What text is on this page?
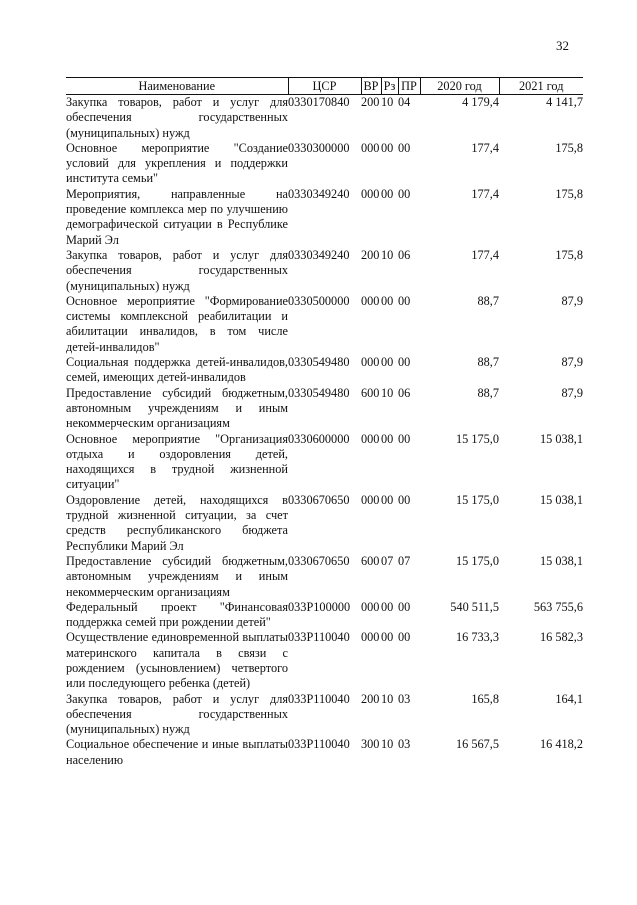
32
Наименование	ЦСР	ВР	Рз	ПР	2020 год	2021 год

Закупка товаров, работ и услуг для обеспечения государственных (муниципальных) нужд	0330170840	200	10	04	4 179,4	4 141,7

Основное мероприятие "Создание условий для укрепления и поддержки института семьи"	0330300000	000	00	00	177,4	175,8

Мероприятия, направленные на проведение комплекса мер по улучшению демографической ситуации в Республике Марий Эл	0330349240	000	00	00	177,4	175,8

Закупка товаров, работ и услуг для обеспечения государственных (муниципальных) нужд	0330349240	200	10	06	177,4	175,8

Основное мероприятие "Формирование системы комплексной реабилитации и абилитации инвалидов, в том числе детей-инвалидов"	0330500000	000	00	00	88,7	87,9

Социальная поддержка детей-инвалидов, семей, имеющих детей-инвалидов	0330549480	000	00	00	88,7	87,9

Предоставление субсидий бюджетным, автономным учреждениям и иным некоммерческим организациям	0330549480	600	10	06	88,7	87,9

Основное мероприятие "Организация отдыха и оздоровления детей, находящихся в трудной жизненной ситуации"	0330600000	000	00	00	15 175,0	15 038,1

Оздоровление детей, находящихся в трудной жизненной ситуации, за счет средств республиканского бюджета Республики Марий Эл	0330670650	000	00	00	15 175,0	15 038,1

Предоставление субсидий бюджетным, автономным учреждениям и иным некоммерческим организациям	0330670650	600	07	07	15 175,0	15 038,1

Федеральный проект "Финансовая поддержка семей при рождении детей"	033P100000	000	00	00	540 511,5	563 755,6

Осуществление единовременной выплаты материнского капитала в связи с рождением (усыновлением) четвертого или последующего ребенка (детей)	033P110040	000	00	00	16 733,3	16 582,3

Закупка товаров, работ и услуг для обеспечения государственных (муниципальных) нужд	033P110040	200	10	03	165,8	164,1

Социальное обеспечение и иные выплаты населению	033P110040	300	10	03	16 567,5	16 418,2
